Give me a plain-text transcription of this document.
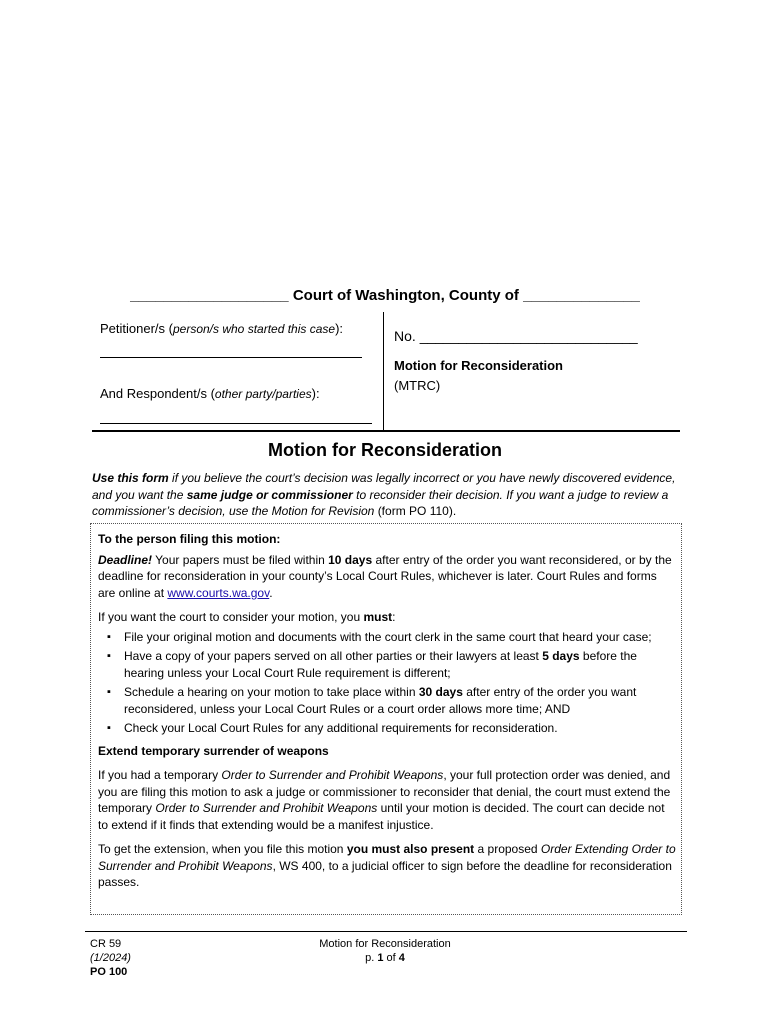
___________________ Court of Washington, County of ______________
Petitioner/s (person/s who started this case):
And Respondent/s (other party/parties):
No. ____________________________
Motion for Reconsideration
(MTRC)
Motion for Reconsideration
Use this form if you believe the court’s decision was legally incorrect or you have newly discovered evidence, and you want the same judge or commissioner to reconsider their decision. If you want a judge to review a commissioner’s decision, use the Motion for Revision (form PO 110).

To the person filing this motion:

Deadline! Your papers must be filed within 10 days after entry of the order you want reconsidered, or by the deadline for reconsideration in your county’s Local Court Rules, whichever is later. Court Rules and forms are online at www.courts.wa.gov.

If you want the court to consider your motion, you must:

▪ File your original motion and documents with the court clerk in the same court that heard your case;
▪ Have a copy of your papers served on all other parties or their lawyers at least 5 days before the hearing unless your Local Court Rule requirement is different;
▪ Schedule a hearing on your motion to take place within 30 days after entry of the order you want reconsidered, unless your Local Court Rules or a court order allows more time; AND
▪ Check your Local Court Rules for any additional requirements for reconsideration.

Extend temporary surrender of weapons

If you had a temporary Order to Surrender and Prohibit Weapons, your full protection order was denied, and you are filing this motion to ask a judge or commissioner to reconsider that denial, the court must extend the temporary Order to Surrender and Prohibit Weapons until your motion is decided. The court can decide not to extend if it finds that extending would be a manifest injustice.

To get the extension, when you file this motion you must also present a proposed Order Extending Order to Surrender and Prohibit Weapons, WS 400, to a judicial officer to sign before the deadline for reconsideration passes.

CR 59
(1/2024)
PO 100
Motion for Reconsideration
p. 1 of 4
